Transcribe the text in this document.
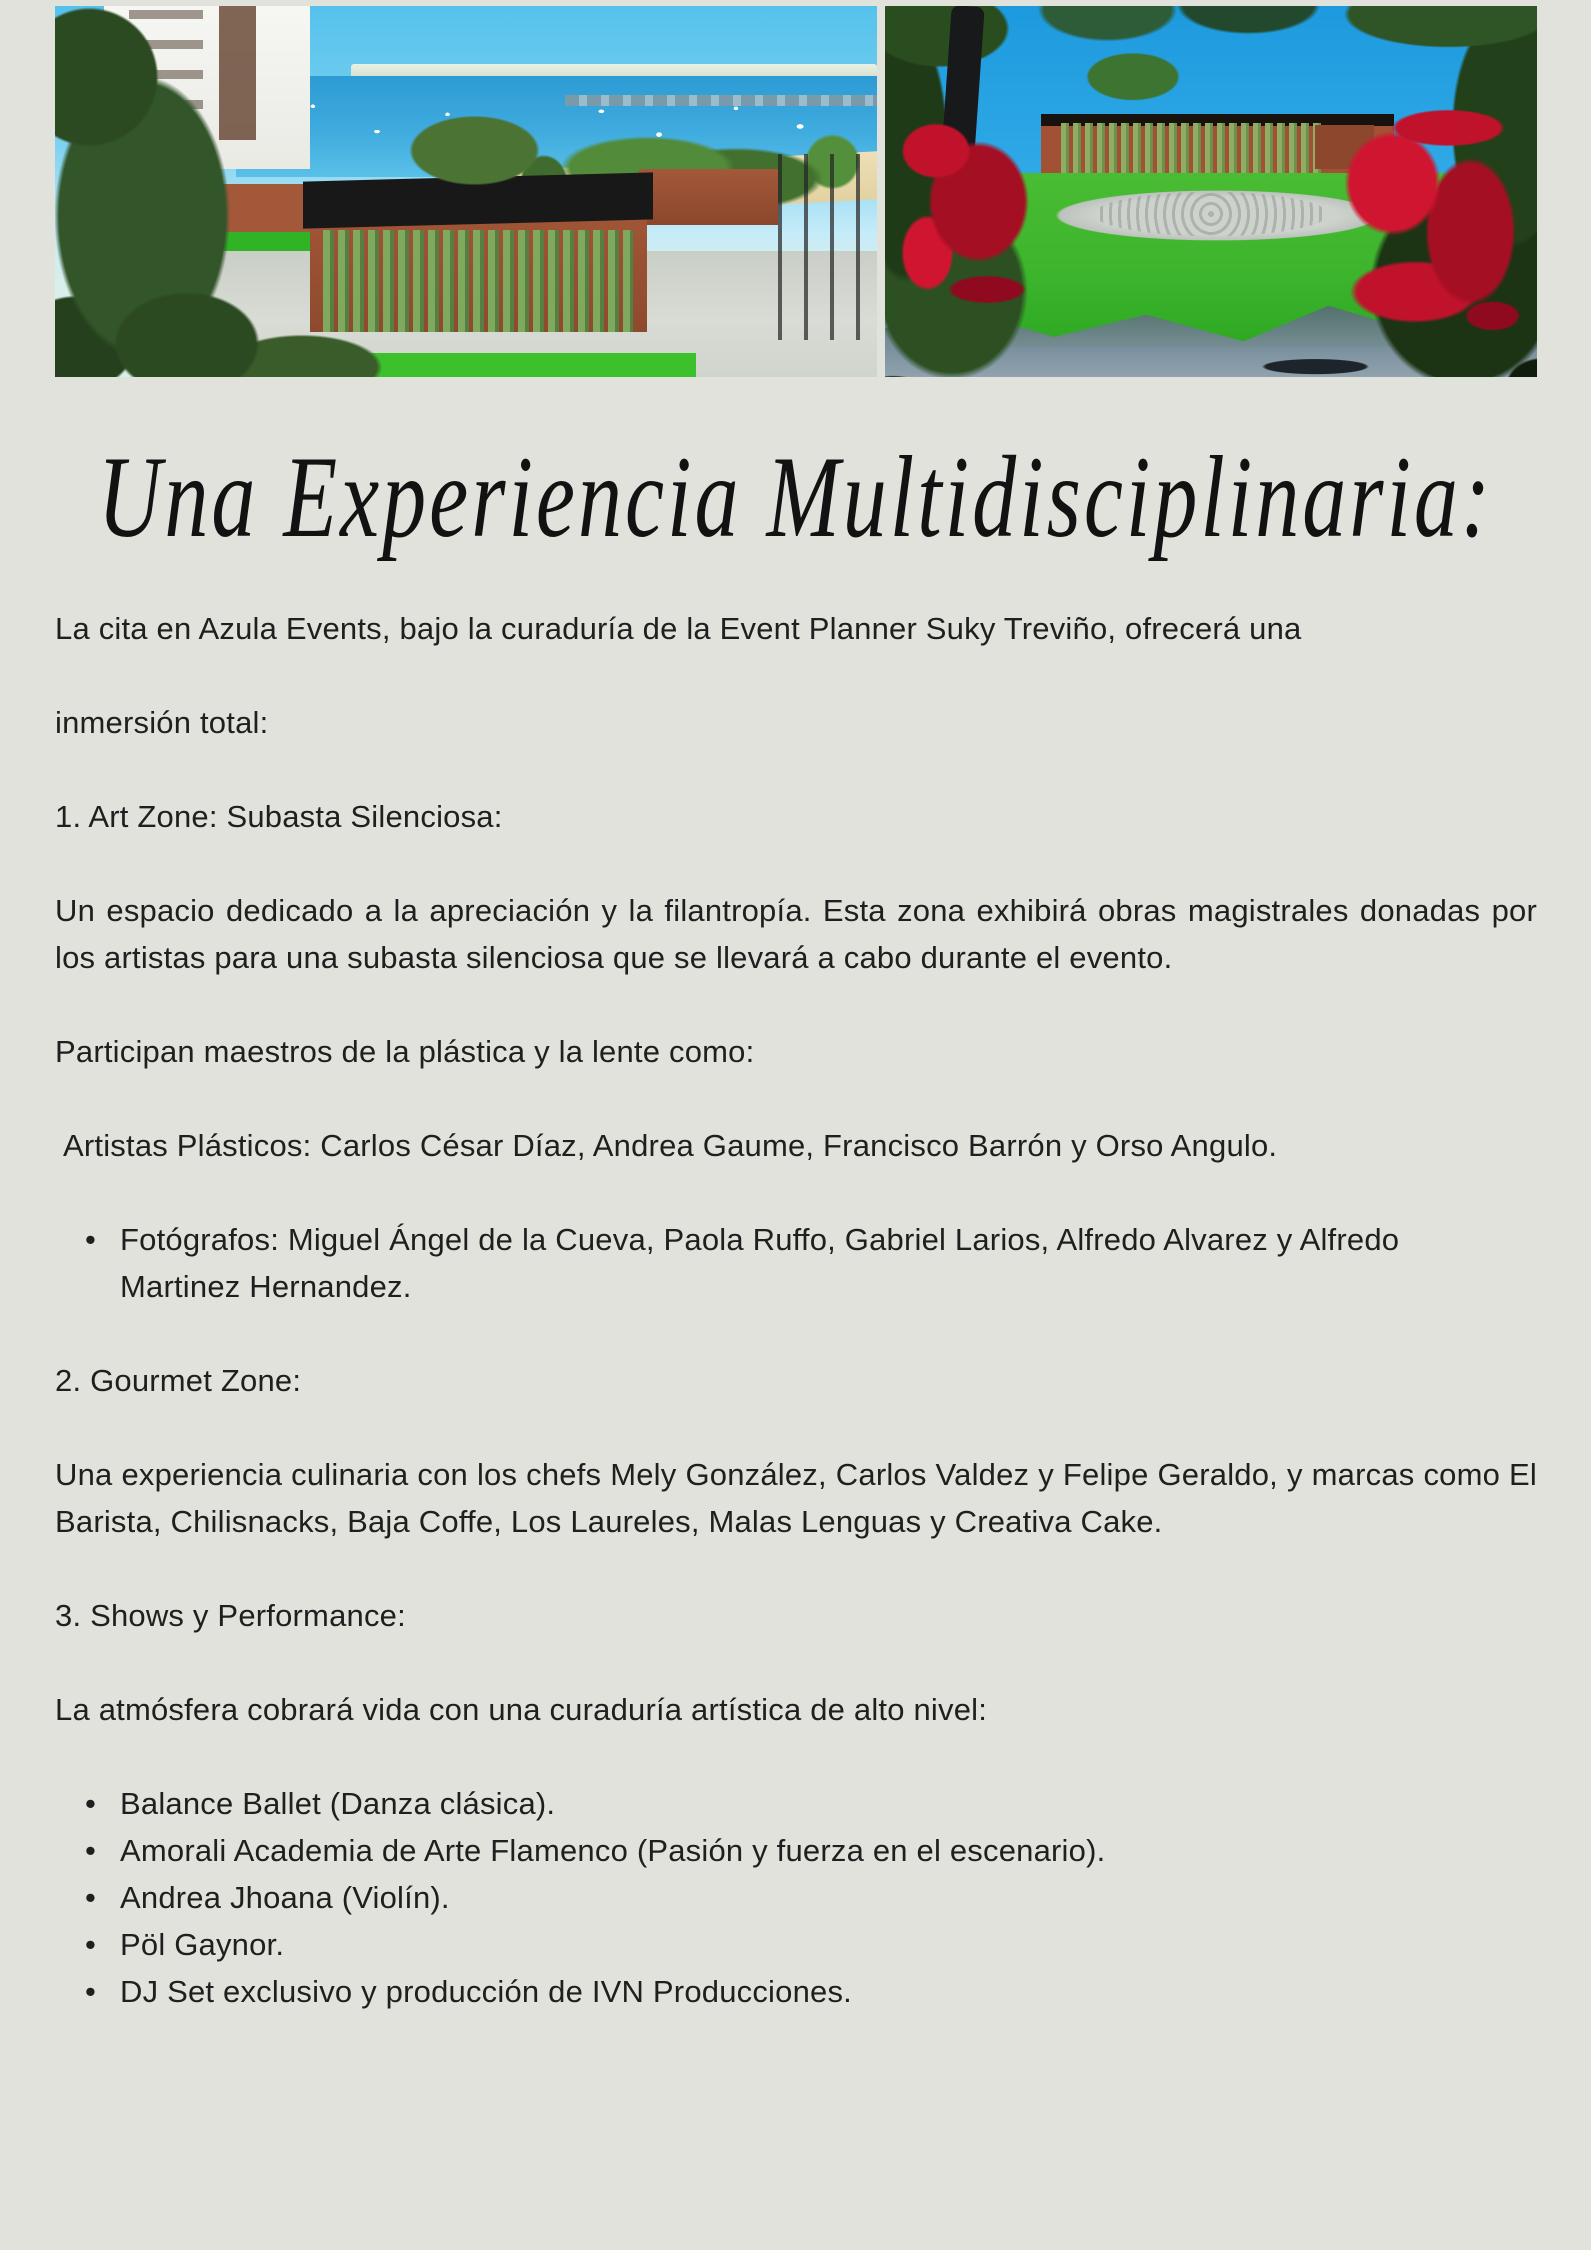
Una Experiencia Multidisciplinaria:

La cita en Azula Events, bajo la curaduría de la Event Planner Suky Treviño, ofrecerá una

inmersión total:

1. Art Zone: Subasta Silenciosa:

Un espacio dedicado a la apreciación y la filantropía. Esta zona exhibirá obras magistrales donadas por los artistas para una subasta silenciosa que se llevará a cabo durante el evento.

Participan maestros de la plástica y la lente como:

Artistas Plásticos: Carlos César Díaz, Andrea Gaume, Francisco Barrón y Orso Angulo.

• Fotógrafos: Miguel Ángel de la Cueva, Paola Ruffo, Gabriel Larios, Alfredo Alvarez y Alfredo Martinez Hernandez.

2. Gourmet Zone:

Una experiencia culinaria con los chefs Mely González, Carlos Valdez y Felipe Geraldo, y marcas como El Barista, Chilisnacks, Baja Coffe, Los Laureles, Malas Lenguas y Creativa Cake.

3. Shows y Performance:

La atmósfera cobrará vida con una curaduría artística de alto nivel:

• Balance Ballet (Danza clásica).
• Amorali Academia de Arte Flamenco (Pasión y fuerza en el escenario).
• Andrea Jhoana (Violín).
• Pöl Gaynor.
• DJ Set exclusivo y producción de IVN Producciones.
